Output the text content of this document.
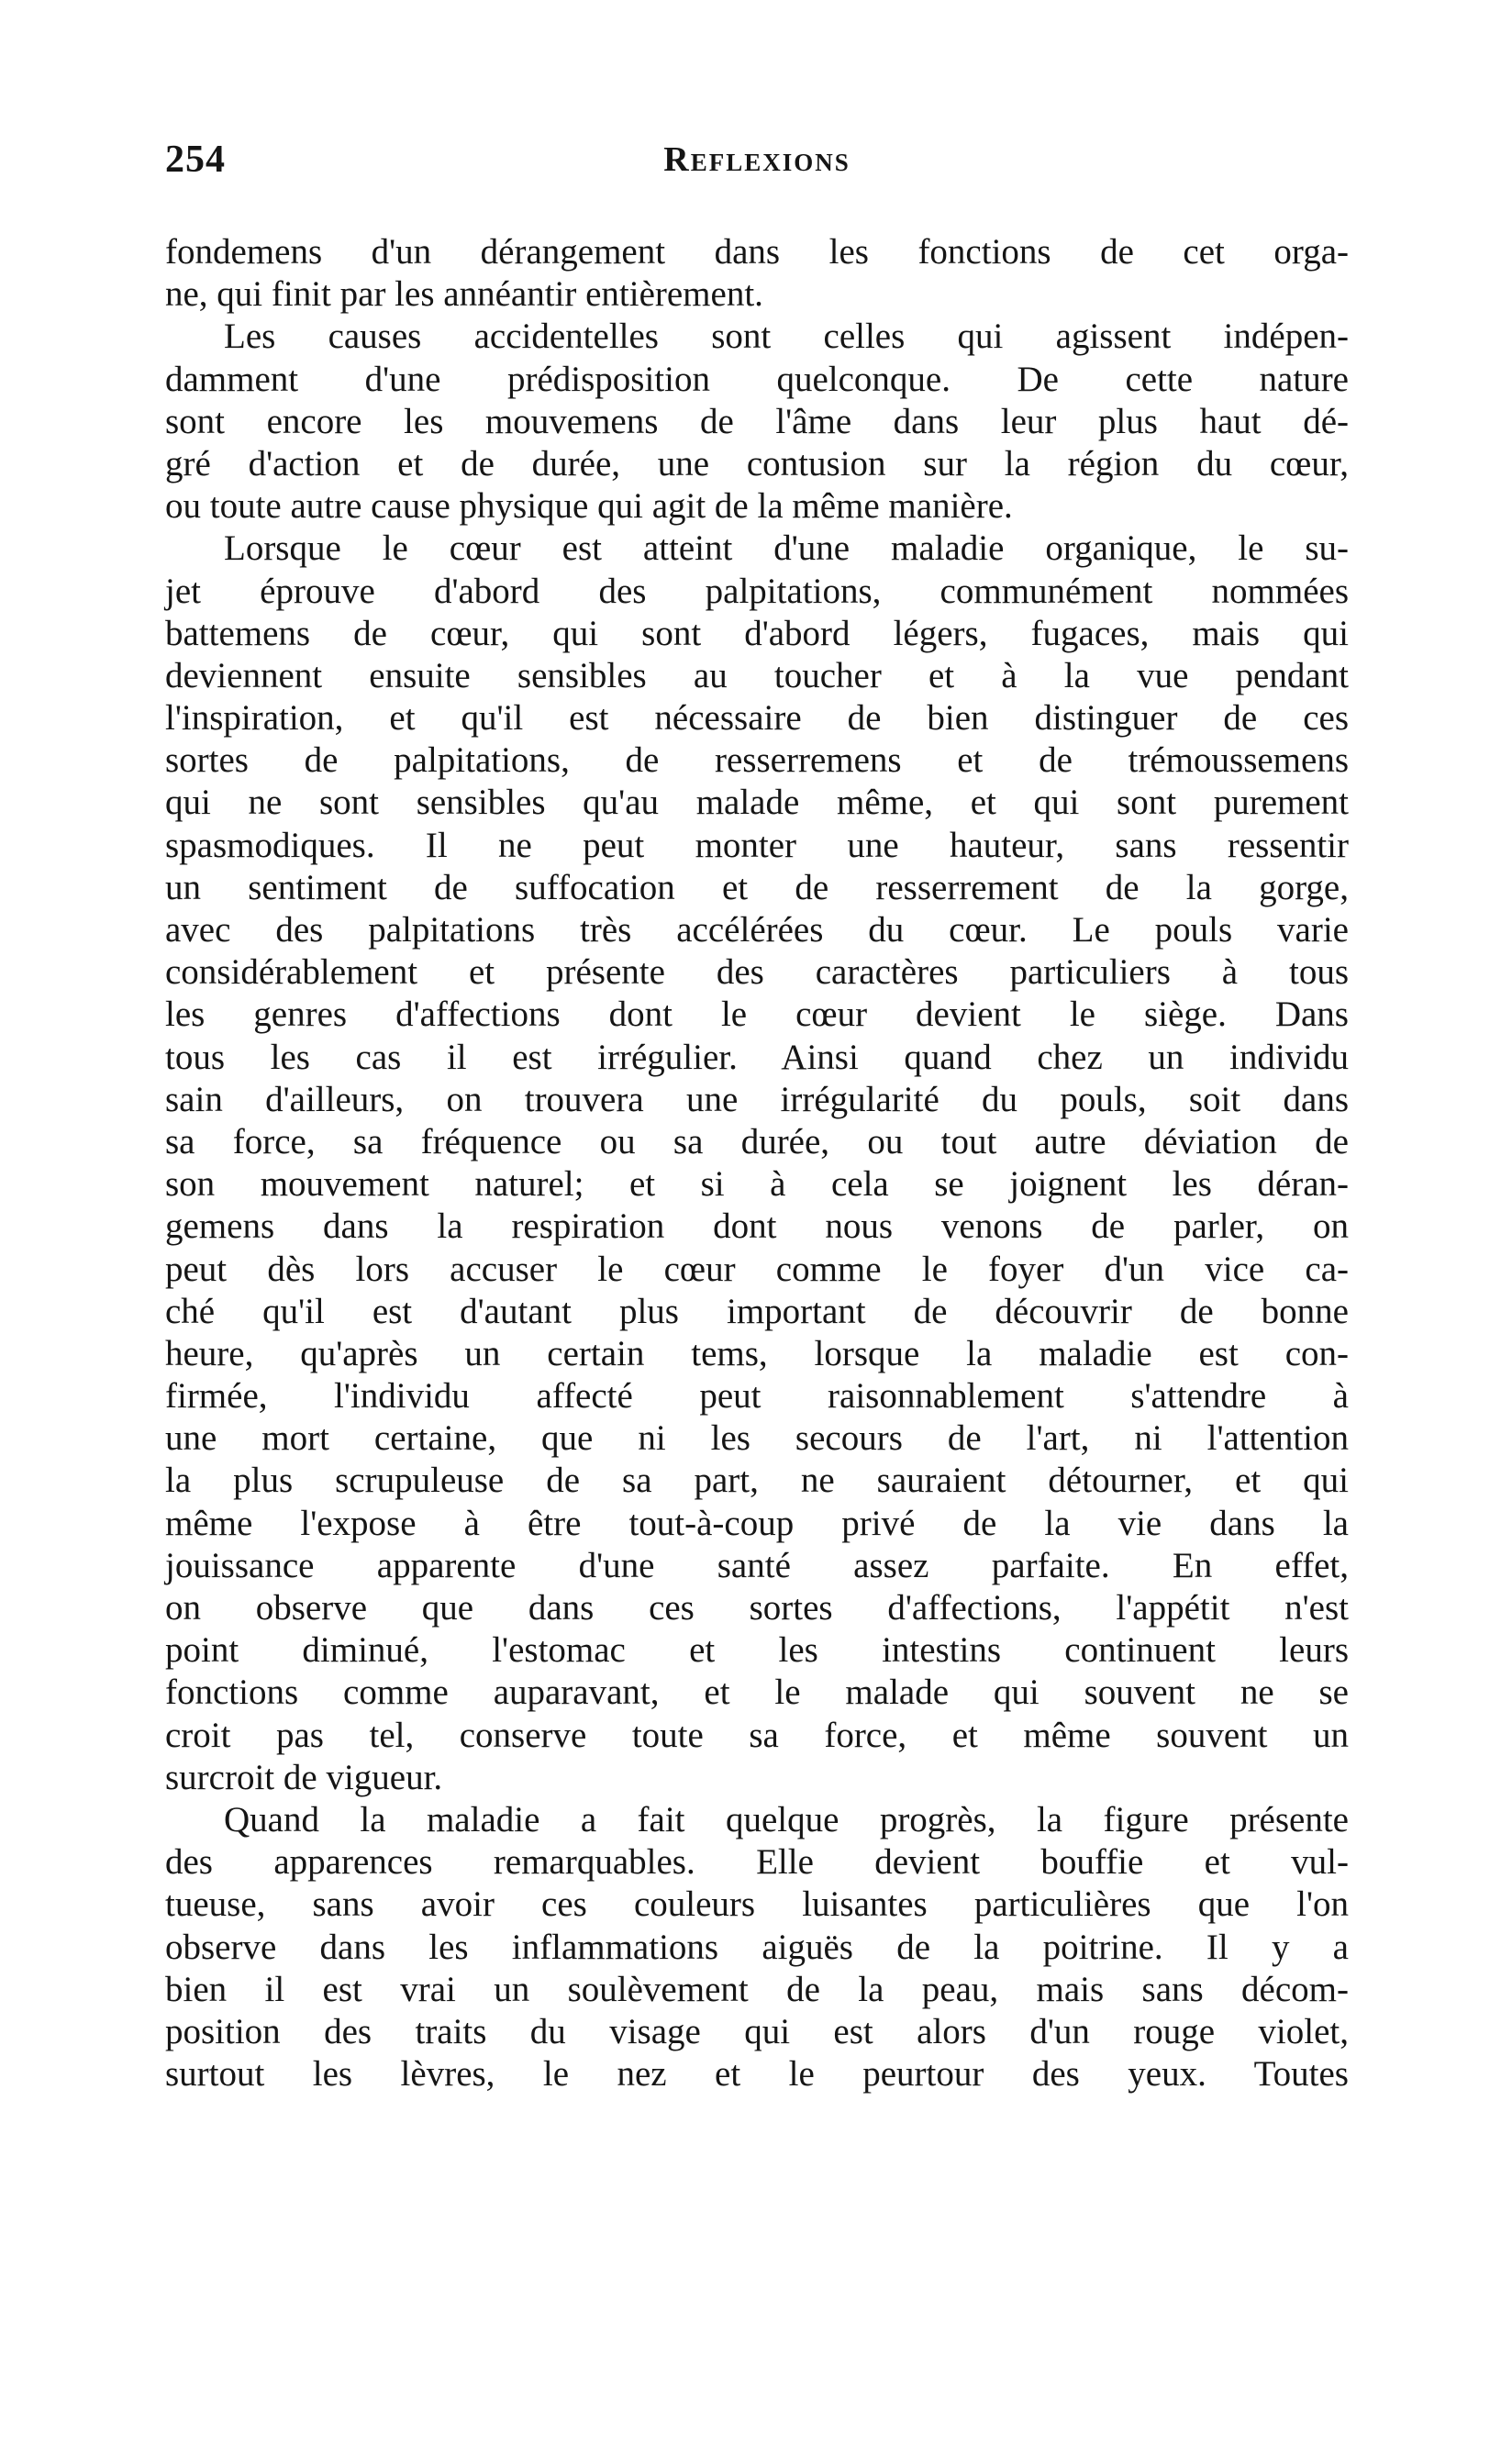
254	Reflexions
fondemens d'un dérangement dans les fonctions de cet orga-
ne, qui finit par les annéantir entièrement.
Les causes accidentelles sont celles qui agissent indépen-
damment d'une prédisposition quelconque. De cette nature
sont encore les mouvemens de l'âme dans leur plus haut dé-
gré d'action et de durée, une contusion sur la région du cœur,
ou toute autre cause physique qui agit de la même manière.
Lorsque le cœur est atteint d'une maladie organique, le su-
jet éprouve d'abord des palpitations, communément nommées
battemens de cœur, qui sont d'abord légers, fugaces, mais qui
deviennent ensuite sensibles au toucher et à la vue pendant
l'inspiration, et qu'il est nécessaire de bien distinguer de ces
sortes de palpitations, de resserremens et de trémoussemens
qui ne sont sensibles qu'au malade même, et qui sont purement
spasmodiques. Il ne peut monter une hauteur, sans ressentir
un sentiment de suffocation et de resserrement de la gorge,
avec des palpitations très accélérées du cœur. Le pouls varie
considérablement et présente des caractères particuliers à tous
les genres d'affections dont le cœur devient le siège. Dans
tous les cas il est irrégulier. Ainsi quand chez un individu
sain d'ailleurs, on trouvera une irrégularité du pouls, soit dans
sa force, sa fréquence ou sa durée, ou tout autre déviation de
son mouvement naturel; et si à cela se joignent les déran-
gemens dans la respiration dont nous venons de parler, on
peut dès lors accuser le cœur comme le foyer d'un vice ca-
ché qu'il est d'autant plus important de découvrir de bonne
heure, qu'après un certain tems, lorsque la maladie est con-
firmée, l'individu affecté peut raisonnablement s'attendre à
une mort certaine, que ni les secours de l'art, ni l'attention
la plus scrupuleuse de sa part, ne sauraient détourner, et qui
même l'expose à être tout-à-coup privé de la vie dans la
jouissance apparente d'une santé assez parfaite. En effet,
on observe que dans ces sortes d'affections, l'appétit n'est
point diminué, l'estomac et les intestins continuent leurs
fonctions comme auparavant, et le malade qui souvent ne se
croit pas tel, conserve toute sa force, et même souvent un
surcroit de vigueur.
Quand la maladie a fait quelque progrès, la figure présente
des apparences remarquables. Elle devient bouffie et vul-
tueuse, sans avoir ces couleurs luisantes particulières que l'on
observe dans les inflammations aiguës de la poitrine. Il y a
bien il est vrai un soulèvement de la peau, mais sans décom-
position des traits du visage qui est alors d'un rouge violet,
surtout les lèvres, le nez et le peurtour des yeux. Toutes
